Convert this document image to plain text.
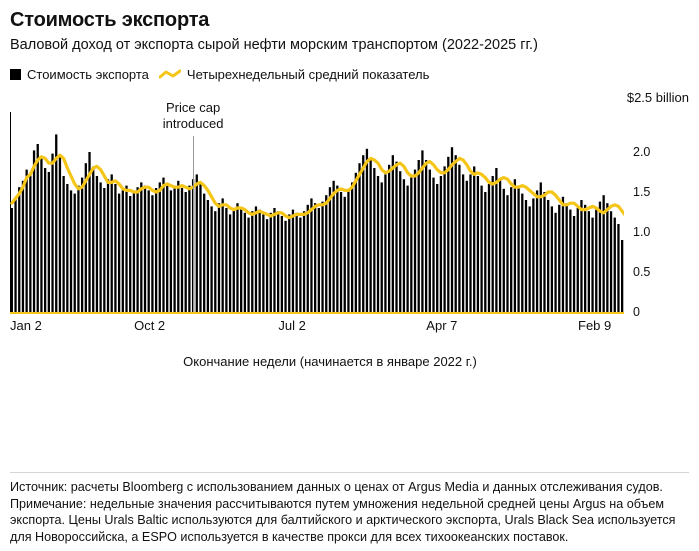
Стоимость экспорта
Валовой доход от экспорта сырой нефти морским транспортом (2022-2025 гг.)
Стоимость экспорта	Четырехнедельный средний показатель
$2.5 billion
2.0
1.5
1.0
0.5
0
Price cap
introduced
Jan 2	Oct 2	Jul 2	Apr 7	Feb 9
Окончание недели (начинается в январе 2022 г.)
Источник: расчеты Bloomberg с использованием данных о ценах от Argus Media и данных отслеживания судов.
Примечание: недельные значения рассчитываются путем умножения недельной средней цены Argus на объем экспорта. Цены Urals Baltic используются для балтийского и арктического экспорта, Urals Black Sea используется для Новороссийска, а ESPO используется в качестве прокси для всех тихоокеанских поставок.
